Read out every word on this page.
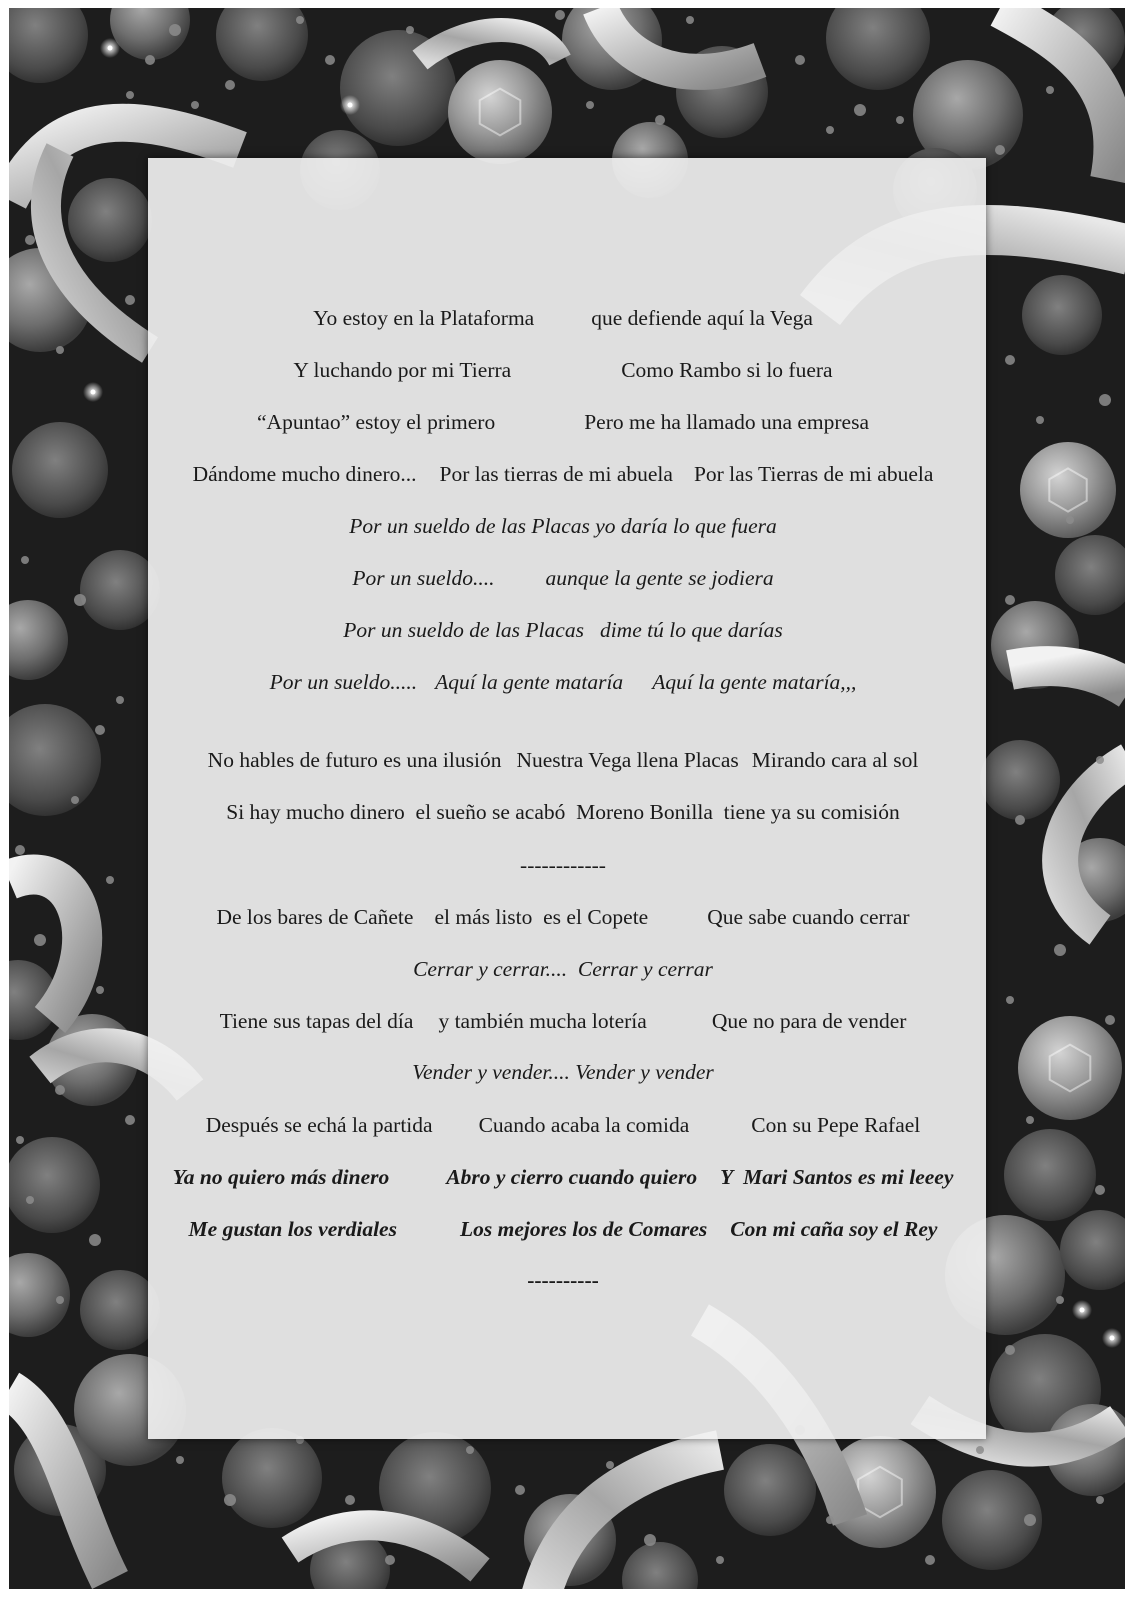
Yo estoy en la Plataforma	que defiende aquí la Vega
Y luchando por mi Tierra	Como Rambo si lo fuera
“Apuntao” estoy el primero	Pero me ha llamado una empresa
Dándome mucho dinero... Por las tierras de mi abuela Por las Tierras de mi abuela
Por un sueldo de las Placas yo daría lo que fuera
Por un sueldo.... aunque la gente se jodiera
Por un sueldo de las Placas dime tú lo que darías
Por un sueldo..... Aquí la gente mataría Aquí la gente mataría,,,
No hables de futuro es una ilusión Nuestra Vega llena Placas Mirando cara al sol
Si hay mucho dinero  el sueño se acabó  Moreno Bonilla  tiene ya su comisión
------------
De los bares de Cañete el más listo  es el Copete	Que sabe cuando cerrar
Cerrar y cerrar....  Cerrar y cerrar
Tiene sus tapas del día y también mucha lotería	Que no para de vender
Vender y vender.... Vender y vender
Después se echá la partida Cuando acaba la comida	Con su Pepe Rafael
Ya no quiero más dinero	Abro y cierro cuando quiero Y  Mari Santos es mi leeey
Me gustan los verdiales	Los mejores los de Comares Con mi caña soy el Rey
----------
